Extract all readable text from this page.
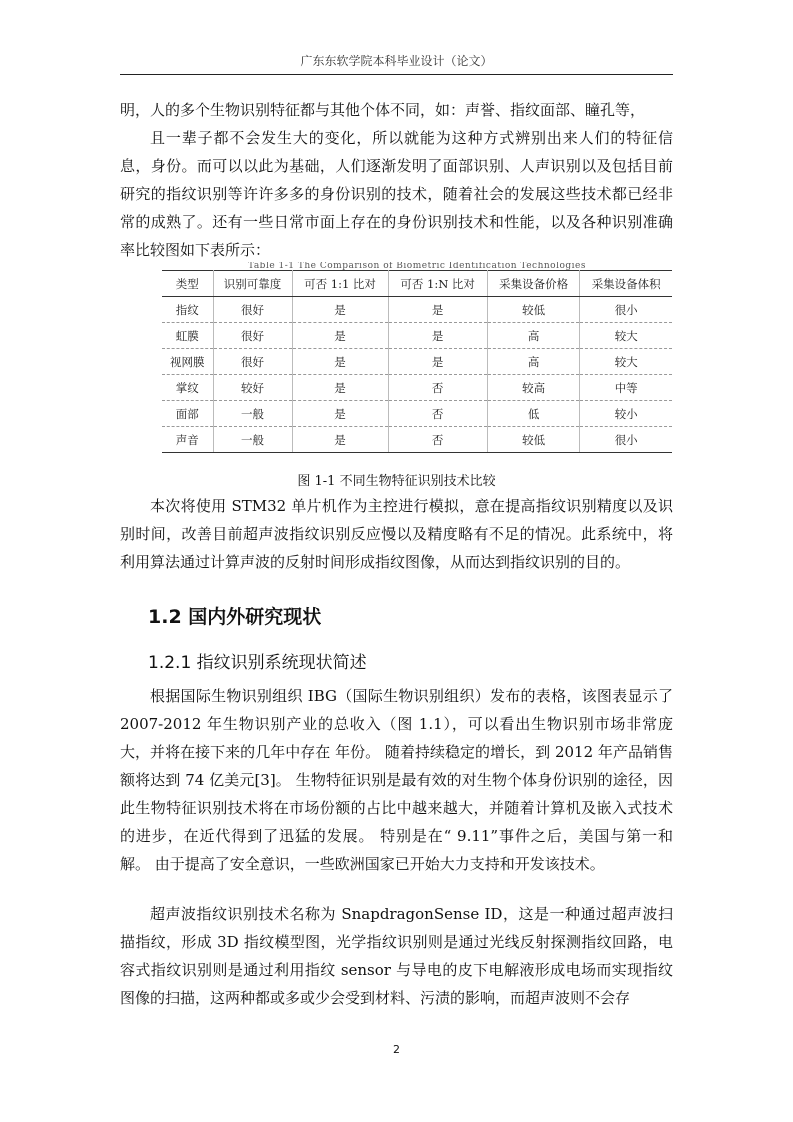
广东东软学院本科毕业设计（论文）

明，人的多个生物识别特征都与其他个体不同，如：声誉、指纹面部、瞳孔等，

且一辈子都不会发生大的变化，所以就能为这种方式辨别出来人们的特征信息，身份。而可以以此为基础，人们逐渐发明了面部识别、人声识别以及包括目前研究的指纹识别等许许多多的身份识别的技术，随着社会的发展这些技术都已经非常的成熟了。还有一些日常市面上存在的身份识别技术和性能，以及各种识别准确率比较图如下表所示：

Table 1-1 The Comparison of Biometric Identification Technologies
类型	识别可靠度	可否 1:1 比对	可否 1:N 比对	采集设备价格	采集设备体积
指纹	很好	是	是	较低	很小
虹膜	很好	是	是	高	较大
视网膜	很好	是	是	高	较大
掌纹	较好	是	否	较高	中等
面部	一般	是	否	低	较小
声音	一般	是	否	较低	很小
图 1-1 不同生物特征识别技术比较

本次将使用 STM32 单片机作为主控进行模拟，意在提高指纹识别精度以及识别时间，改善目前超声波指纹识别反应慢以及精度略有不足的情况。此系统中，将利用算法通过计算声波的反射时间形成指纹图像，从而达到指纹识别的目的。

1.2 国内外研究现状
1.2.1 指纹识别系统现状简述

根据国际生物识别组织 IBG（国际生物识别组织）发布的表格，该图表显示了 2007-2012 年生物识别产业的总收入（图 1.1），可以看出生物识别市场非常庞大，并将在接下来的几年中存在 年份。 随着持续稳定的增长，到 2012 年产品销售额将达到 74 亿美元[3]。 生物特征识别是最有效的对生物个体身份识别的途径，因此生物特征识别技术将在市场份额的占比中越来越大，并随着计算机及嵌入式技术的进步，在近代得到了迅猛的发展。 特别是在“ 9.11”事件之后，美国与第一和解。 由于提高了安全意识，一些欧洲国家已开始大力支持和开发该技术。

超声波指纹识别技术名称为 SnapdragonSense ID，这是一种通过超声波扫描指纹，形成 3D 指纹模型图，光学指纹识别则是通过光线反射探测指纹回路，电容式指纹识别则是通过利用指纹 sensor 与导电的皮下电解液形成电场而实现指纹图像的扫描，这两种都或多或少会受到材料、污渍的影响，而超声波则不会存

2
